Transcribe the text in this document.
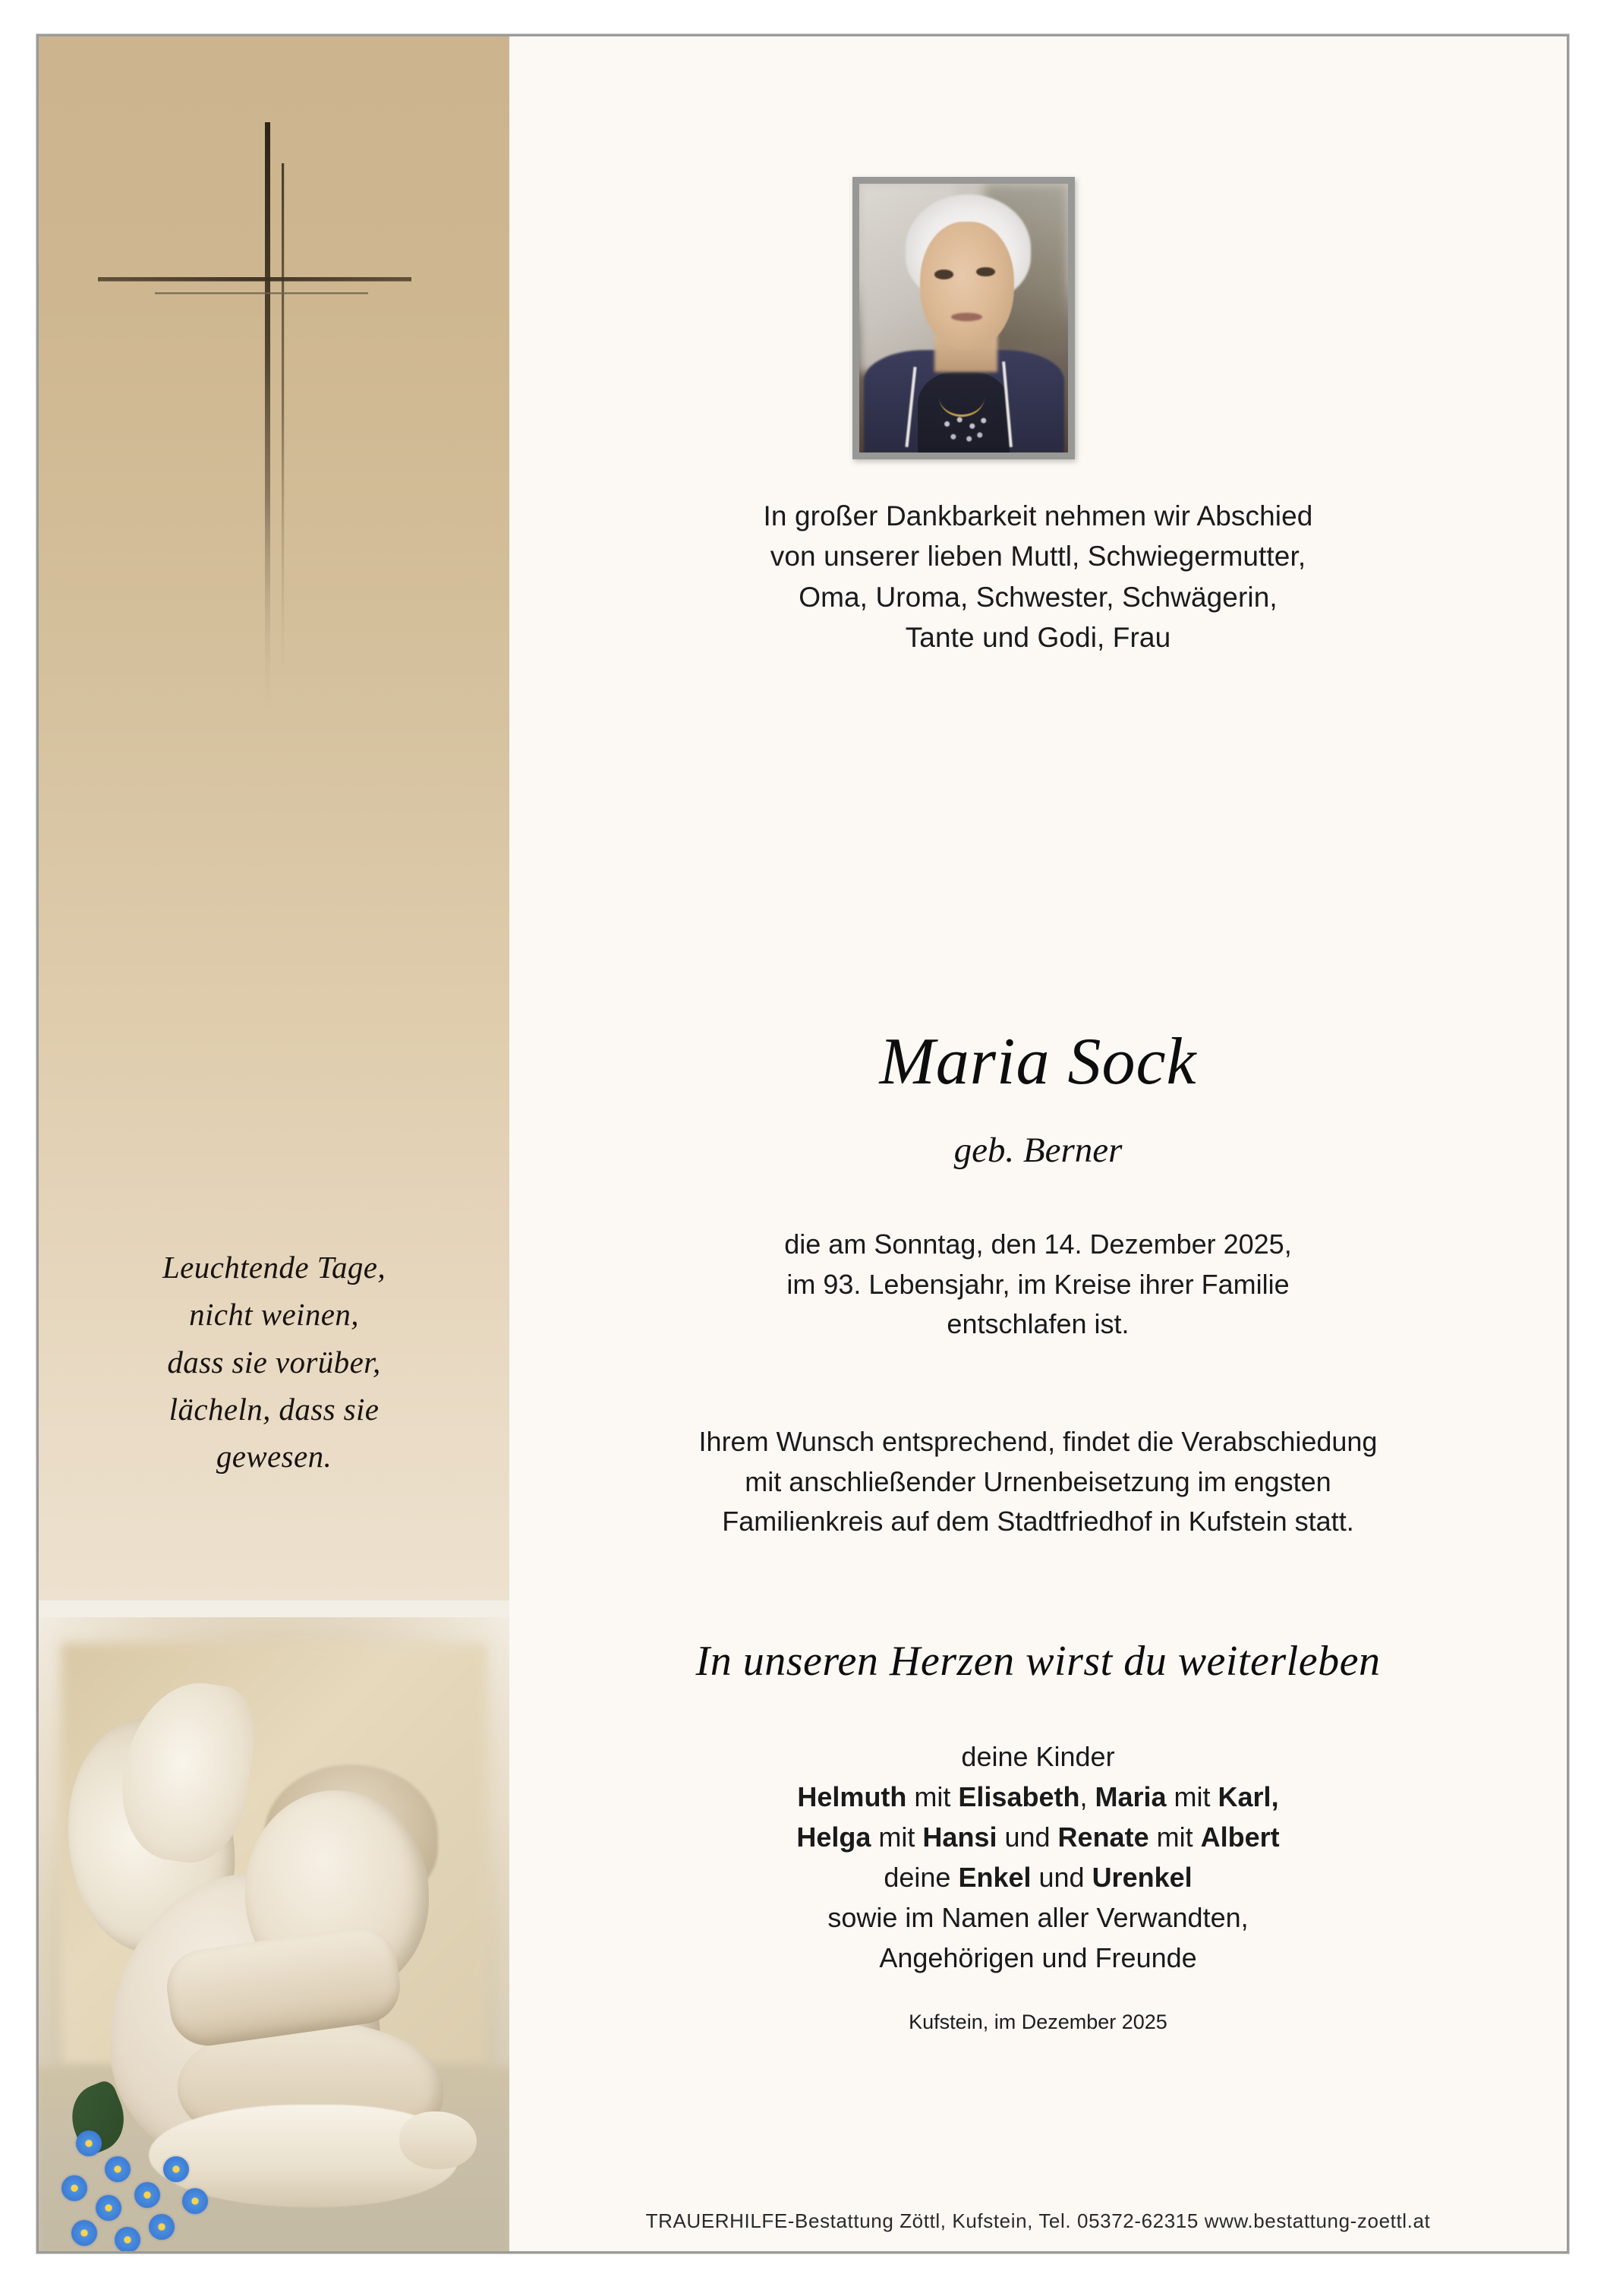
Leuchtende Tage,
nicht weinen,
dass sie vorüber,
lächeln, dass sie
gewesen.
In großer Dankbarkeit nehmen wir Abschied
von unserer lieben Muttl, Schwiegermutter,
Oma, Uroma, Schwester, Schwägerin,
Tante und Godi, Frau
Maria Sock
geb. Berner
die am Sonntag, den 14. Dezember 2025,
im 93. Lebensjahr, im Kreise ihrer Familie
entschlafen ist.
Ihrem Wunsch entsprechend, findet die Verabschiedung
mit anschließender Urnenbeisetzung im engsten
Familienkreis auf dem Stadtfriedhof in Kufstein statt.
In unseren Herzen wirst du weiterleben
deine Kinder
Helmuth mit Elisabeth, Maria mit Karl,
Helga mit Hansi und Renate mit Albert
deine Enkel und Urenkel
sowie im Namen aller Verwandten,
Angehörigen und Freunde
Kufstein, im Dezember 2025
TRAUERHILFE-Bestattung Zöttl, Kufstein, Tel. 05372-62315 www.bestattung-zoettl.at
